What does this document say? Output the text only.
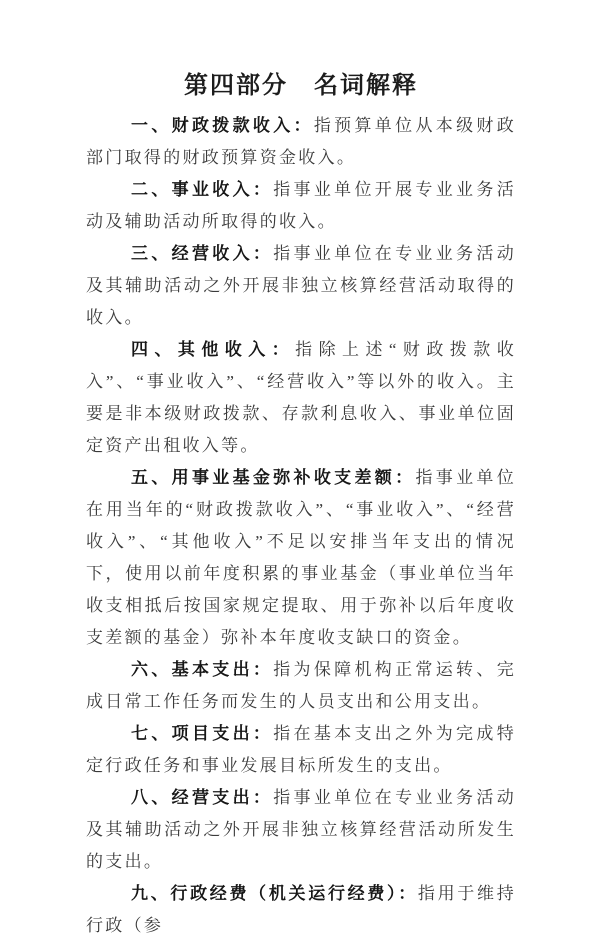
第四部分　名词解释

一、财政拨款收入：指预算单位从本级财政部门取得的财政预算资金收入。

二、事业收入：指事业单位开展专业业务活动及辅助活动所取得的收入。

三、经营收入：指事业单位在专业业务活动及其辅助活动之外开展非独立核算经营活动取得的收入。

四、其他收入：指除上述“财政拨款收入”、“事业收入”、“经营收入”等以外的收入。主要是非本级财政拨款、存款利息收入、事业单位固定资产出租收入等。

五、用事业基金弥补收支差额：指事业单位在用当年的“财政拨款收入”、“事业收入”、“经营收入”、“其他收入”不足以安排当年支出的情况下，使用以前年度积累的事业基金（事业单位当年收支相抵后按国家规定提取、用于弥补以后年度收支差额的基金）弥补本年度收支缺口的资金。

六、基本支出：指为保障机构正常运转、完成日常工作任务而发生的人员支出和公用支出。

七、项目支出：指在基本支出之外为完成特定行政任务和事业发展目标所发生的支出。

八、经营支出：指事业单位在专业业务活动及其辅助活动之外开展非独立核算经营活动所发生的支出。

九、行政经费（机关运行经费）：指用于维持行政（参
